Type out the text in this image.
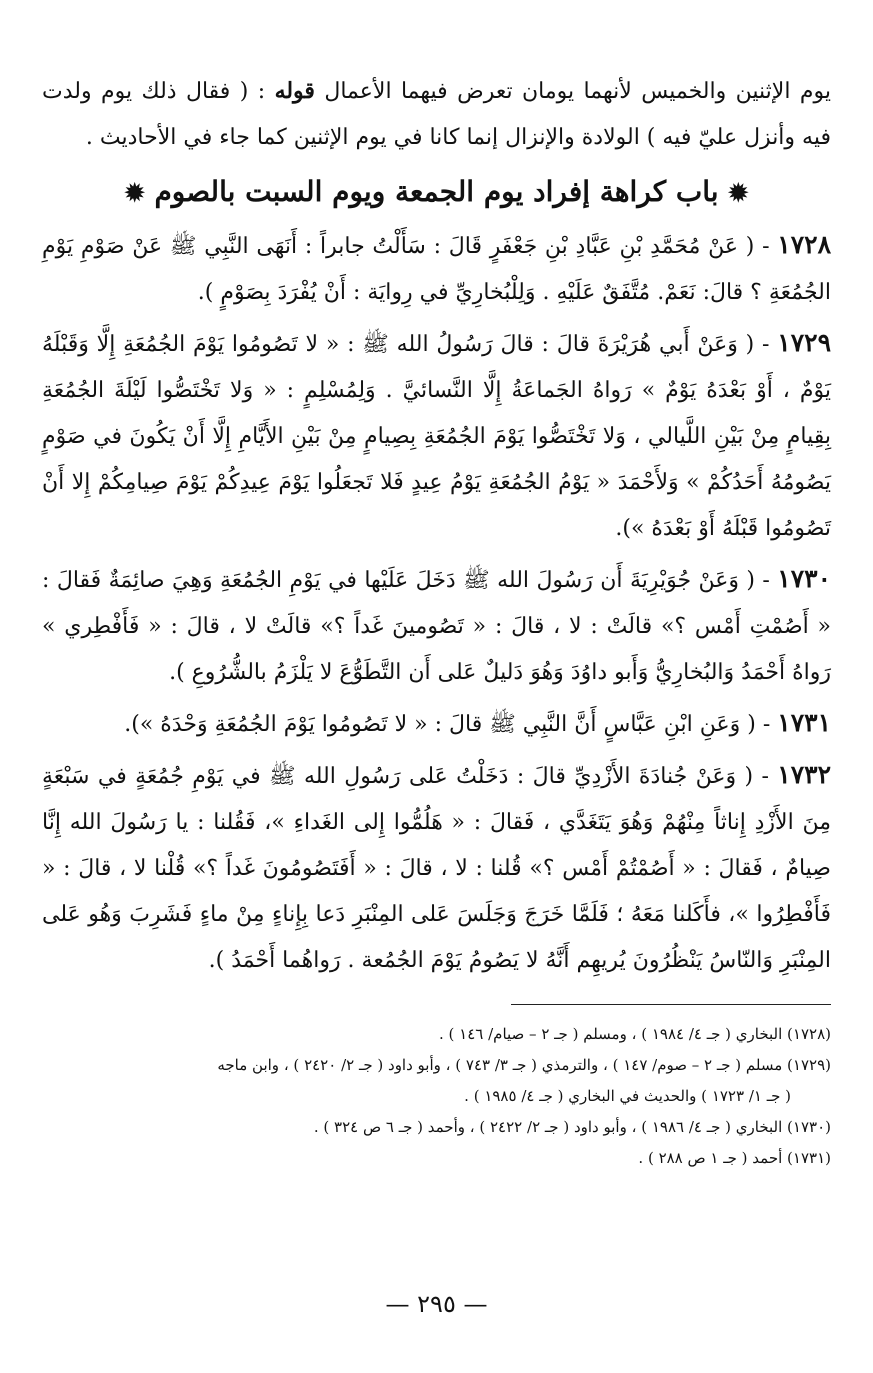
يوم الإثنين والخميس لأنهما يومان تعرض فيهما الأعمال قوله : ( فقال ذلك يوم ولدت فيه وأنزل عليّ فيه ) الولادة والإنزال إنما كانا في يوم الإثنين كما جاء في الأحاديث .

✹ باب كراهة إفراد يوم الجمعة ويوم السبت بالصوم ✹

١٧٢٨ - ( عَنْ مُحَمَّدِ بْنِ عَبَّادِ بْنِ جَعْفَرٍ قَالَ : سَأَلْتُ جابراً : أَنَهَى النَّبِي ﷺ عَنْ صَوْمِ يَوْمِ الجُمُعَةِ ؟ قالَ: نَعَمْ. مُتَّفَقٌ عَلَيْهِ . وَلِلْبُخارِيِّ في رِوايَة : أَنْ يُفْرَدَ بِصَوْمٍ ).

١٧٢٩ - ( وَعَنْ أَبي هُرَيْرَةَ قالَ : قالَ رَسُولُ الله ﷺ : « لا تَصُومُوا يَوْمَ الجُمُعَةِ إِلَّا وَقَبْلَهُ يَوْمٌ ، أَوْ بَعْدَهُ يَوْمٌ » رَواهُ الجَماعَةُ إِلَّا النَّسائيَّ . وَلِمُسْلِمٍ : « وَلا تَخْتَصُّوا لَيْلَةَ الجُمُعَةِ بِقِيامٍ مِنْ بَيْنِ اللَّيالي ، وَلا تَخْتَصُّوا يَوْمَ الجُمُعَةِ بِصِيامٍ مِنْ بَيْنِ الأَيَّامِ إِلَّا أَنْ يَكُونَ في صَوْمٍ يَصُومُهُ أَحَدُكُمْ » وَلأَحْمَدَ « يَوْمُ الجُمُعَةِ يَوْمُ عِيدٍ فَلا تَجعَلُوا يَوْمَ عِيدِكُمْ يَوْمَ صِيامِكُمْ إِلا أَنْ تَصُومُوا قَبْلَهُ أَوْ بَعْدَهُ »).

١٧٣٠ - ( وَعَنْ جُوَيْرِيَةَ أَن رَسُولَ الله ﷺ دَخَلَ عَلَيْها في يَوْمِ الجُمُعَةِ وَهِيَ صائِمَةٌ فَقالَ : « أَصُمْتِ أَمْس ؟» قالَتْ : لا ، قالَ : « تَصُومينَ غَداً ؟» قالَتْ لا ، قالَ : « فَأَفْطِري » رَواهُ أَحْمَدُ وَالبُخارِيُّ وَأَبو داوُدَ وَهُوَ دَليلٌ عَلى أَن التَّطَوُّعَ لا يَلْزَمُ بالشُّرُوعِ ).

١٧٣١ - ( وَعَنِ ابْنِ عَبَّاسٍ أَنَّ النَّبِي ﷺ قالَ : « لا تَصُومُوا يَوْمَ الجُمُعَةِ وَحْدَهُ »).

١٧٣٢ - ( وَعَنْ جُنادَةَ الأَزْدِيِّ قالَ : دَخَلْتُ عَلى رَسُولِ الله ﷺ في يَوْمِ جُمُعَةٍ في سَبْعَةٍ مِنَ الأَزْدِ إِناثاً مِنْهُمْ وَهُوَ يَتَغَدَّي ، فَقالَ : « هَلُمُّوا إِلى الغَداءِ »، فَقُلنا : يا رَسُولَ الله إِنَّا صِيامٌ ، فَقالَ : « أَصُمْتُمْ أَمْس ؟» قُلنا : لا ، قالَ : « أَفَتَصُومُونَ غَداً ؟» قُلْنا لا ، قالَ : « فَأَفْطِرُوا »، فأَكَلنا مَعَهُ ؛ فَلَمَّا خَرَجَ وَجَلَسَ عَلى المِنْبَرِ دَعا بِإِناءٍ مِنْ ماءٍ فَشَرِبَ وَهُو عَلى المِنْبَرِ وَالنّاسُ يَنْظُرُونَ يُريهِم أَنَّهُ لا يَصُومُ يَوْمَ الجُمُعة . رَواهُما أَحْمَدُ ).

(١٧٢٨) البخاري ( جـ ٤/ ١٩٨٤ ) ، ومسلم ( جـ ٢ – صيام/ ١٤٦ ) .

(١٧٢٩) مسلم ( جـ ٢ – صوم/ ١٤٧ ) ، والترمذي ( جـ ٣/ ٧٤٣ ) ، وأبو داود ( جـ ٢/ ٢٤٢٠ ) ، وابن ماجه

( جـ ١/ ١٧٢٣ ) والحديث في البخاري ( جـ ٤/ ١٩٨٥ ) .

(١٧٣٠) البخاري ( جـ ٤/ ١٩٨٦ ) ، وأبو داود ( جـ ٢/ ٢٤٢٢ ) ، وأحمد ( جـ ٦ ص ٣٢٤ ) .

(١٧٣١) أحمد ( جـ ١ ص ٢٨٨ ) .

— ٢٩٥ —
